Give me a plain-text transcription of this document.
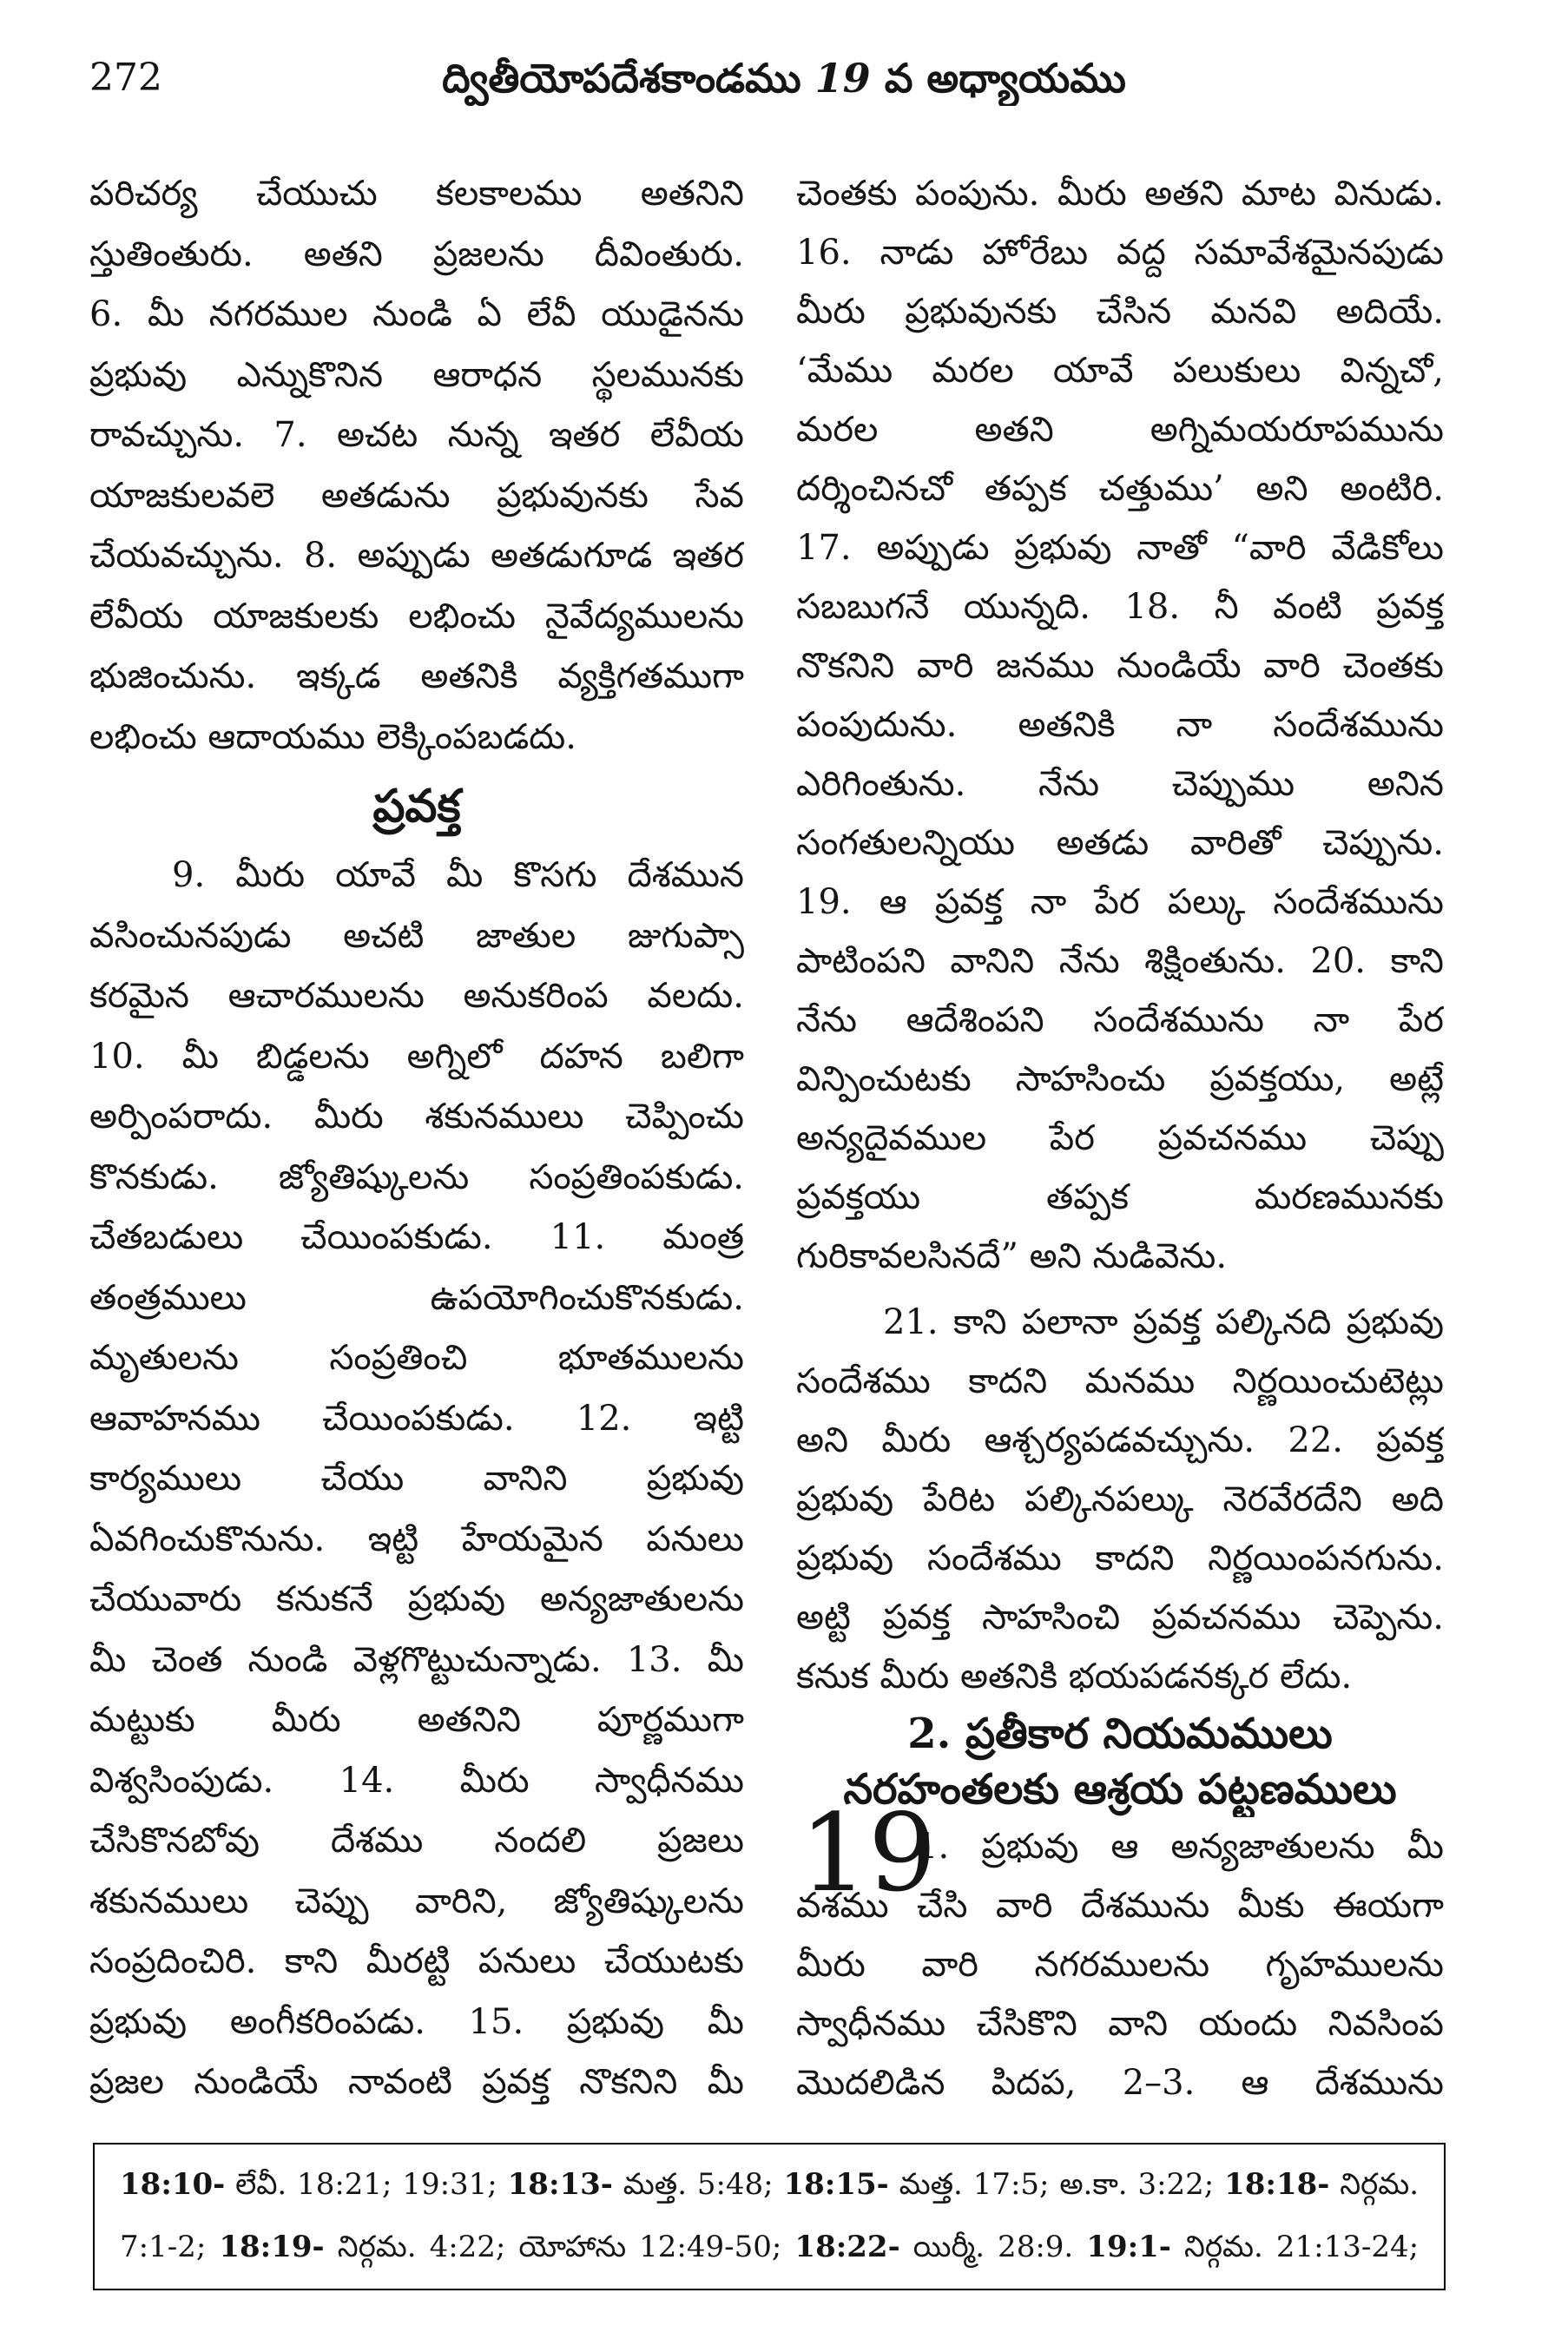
272	ద్వితీయోపదేశకాండము 19 వ అధ్యాయము
పరిచర్య చేయుచు కలకాలము అతనిని
స్తుతింతురు. అతని ప్రజలను దీవింతురు.
6. మీ నగరముల నుండి ఏ లేవీ యుడైనను
ప్రభువు ఎన్నుకొనిన ఆరాధన స్థలమునకు
రావచ్చును. 7. అచట నున్న ఇతర లేవీయ
యాజకులవలె అతడును ప్రభువునకు సేవ
చేయవచ్చును. 8. అప్పుడు అతడుగూడ ఇతర
లేవీయ యాజకులకు లభించు నైవేద్యములను
భుజించును. ఇక్కడ అతనికి వ్యక్తిగతముగా
లభించు ఆదాయము లెక్కింపబడదు.
ప్రవక్త
9. మీరు యావే మీ కొసగు దేశమున
వసించునపుడు అచటి జాతుల జుగుప్సా
కరమైన ఆచారములను అనుకరింప వలదు.
10. మీ బిడ్డలను అగ్నిలో దహన బలిగా
అర్పింపరాదు. మీరు శకునములు చెప్పించు
కొనకుడు. జ్యోతిష్కులను సంప్రతింపకుడు.
చేతబడులు చేయింపకుడు. 11. మంత్ర
తంత్రములు ఉపయోగించుకొనకుడు.
మృతులను సంప్రతించి భూతములను
ఆవాహనము చేయింపకుడు. 12. ఇట్టి
కార్యములు చేయు వానిని ప్రభువు
ఏవగించుకొనును. ఇట్టి హేయమైన పనులు
చేయువారు కనుకనే ప్రభువు అన్యజాతులను
మీ చెంత నుండి వెళ్లగొట్టుచున్నాడు. 13. మీ
మట్టుకు మీరు అతనిని పూర్ణముగా
విశ్వసింపుడు. 14. మీరు స్వాధీనము
చేసికొనబోవు దేశము నందలి ప్రజలు
శకునములు చెప్పు వారిని, జ్యోతిష్కులను
సంప్రదించిరి. కాని మీరట్టి పనులు చేయుటకు
ప్రభువు అంగీకరింపడు. 15. ప్రభువు మీ
ప్రజల నుండియే నావంటి ప్రవక్త నొకనిని మీ
చెంతకు పంపును. మీరు అతని మాట వినుడు.
16. నాడు హోరేబు వద్ద సమావేశమైనపుడు
మీరు ప్రభువునకు చేసిన మనవి అదియే.
‘మేము మరల యావే పలుకులు విన్నచో,
మరల అతని అగ్నిమయరూపమును
దర్శించినచో తప్పక చత్తుము’ అని అంటిరి.
17. అప్పుడు ప్రభువు నాతో “వారి వేడికోలు
సబబుగనే యున్నది. 18. నీ వంటి ప్రవక్త
నొకనిని వారి జనము నుండియే వారి చెంతకు
పంపుదును. అతనికి నా సందేశమును
ఎరిగింతును. నేను చెప్పుము అనిన
సంగతులన్నియు అతడు వారితో చెప్పును.
19. ఆ ప్రవక్త నా పేర పల్కు సందేశమును
పాటింపని వానిని నేను శిక్షింతును. 20. కాని
నేను ఆదేశింపని సందేశమును నా పేర
విన్పించుటకు సాహసించు ప్రవక్తయు, అట్లే
అన్యదైవముల పేర ప్రవచనము చెప్పు
ప్రవక్తయు తప్పక మరణమునకు
గురికావలసినదే” అని నుడివెను.
21. కాని పలానా ప్రవక్త పల్కినది ప్రభువు
సందేశము కాదని మనము నిర్ణయించుటెట్లు
అని మీరు ఆశ్చర్యపడవచ్చును. 22. ప్రవక్త
ప్రభువు పేరిట పల్కినపల్కు నెరవేరదేని అది
ప్రభువు సందేశము కాదని నిర్ణయింపనగును.
అట్టి ప్రవక్త సాహసించి ప్రవచనము చెప్పెను.
కనుక మీరు అతనికి భయపడనక్కర లేదు.
2. ప్రతీకార నియమములు
నరహంతలకు ఆశ్రయ పట్టణములు
19
1. ప్రభువు ఆ అన్యజాతులను మీ
వశము చేసి వారి దేశమును మీకు ఈయగా
మీరు వారి నగరములను గృహములను
స్వాధీనము చేసికొని వాని యందు నివసింప
మొదలిడిన పిదప, 2–3. ఆ దేశమును
18:10- లేవీ. 18:21; 19:31; 18:13- మత్త. 5:48; 18:15- మత్త. 17:5; అ.కా. 3:22; 18:18- నిర్గమ.
7:1-2; 18:19- నిర్గమ. 4:22; యోహాను 12:49-50; 18:22- యిర్మీ. 28:9. 19:1- నిర్గమ. 21:13-24;
